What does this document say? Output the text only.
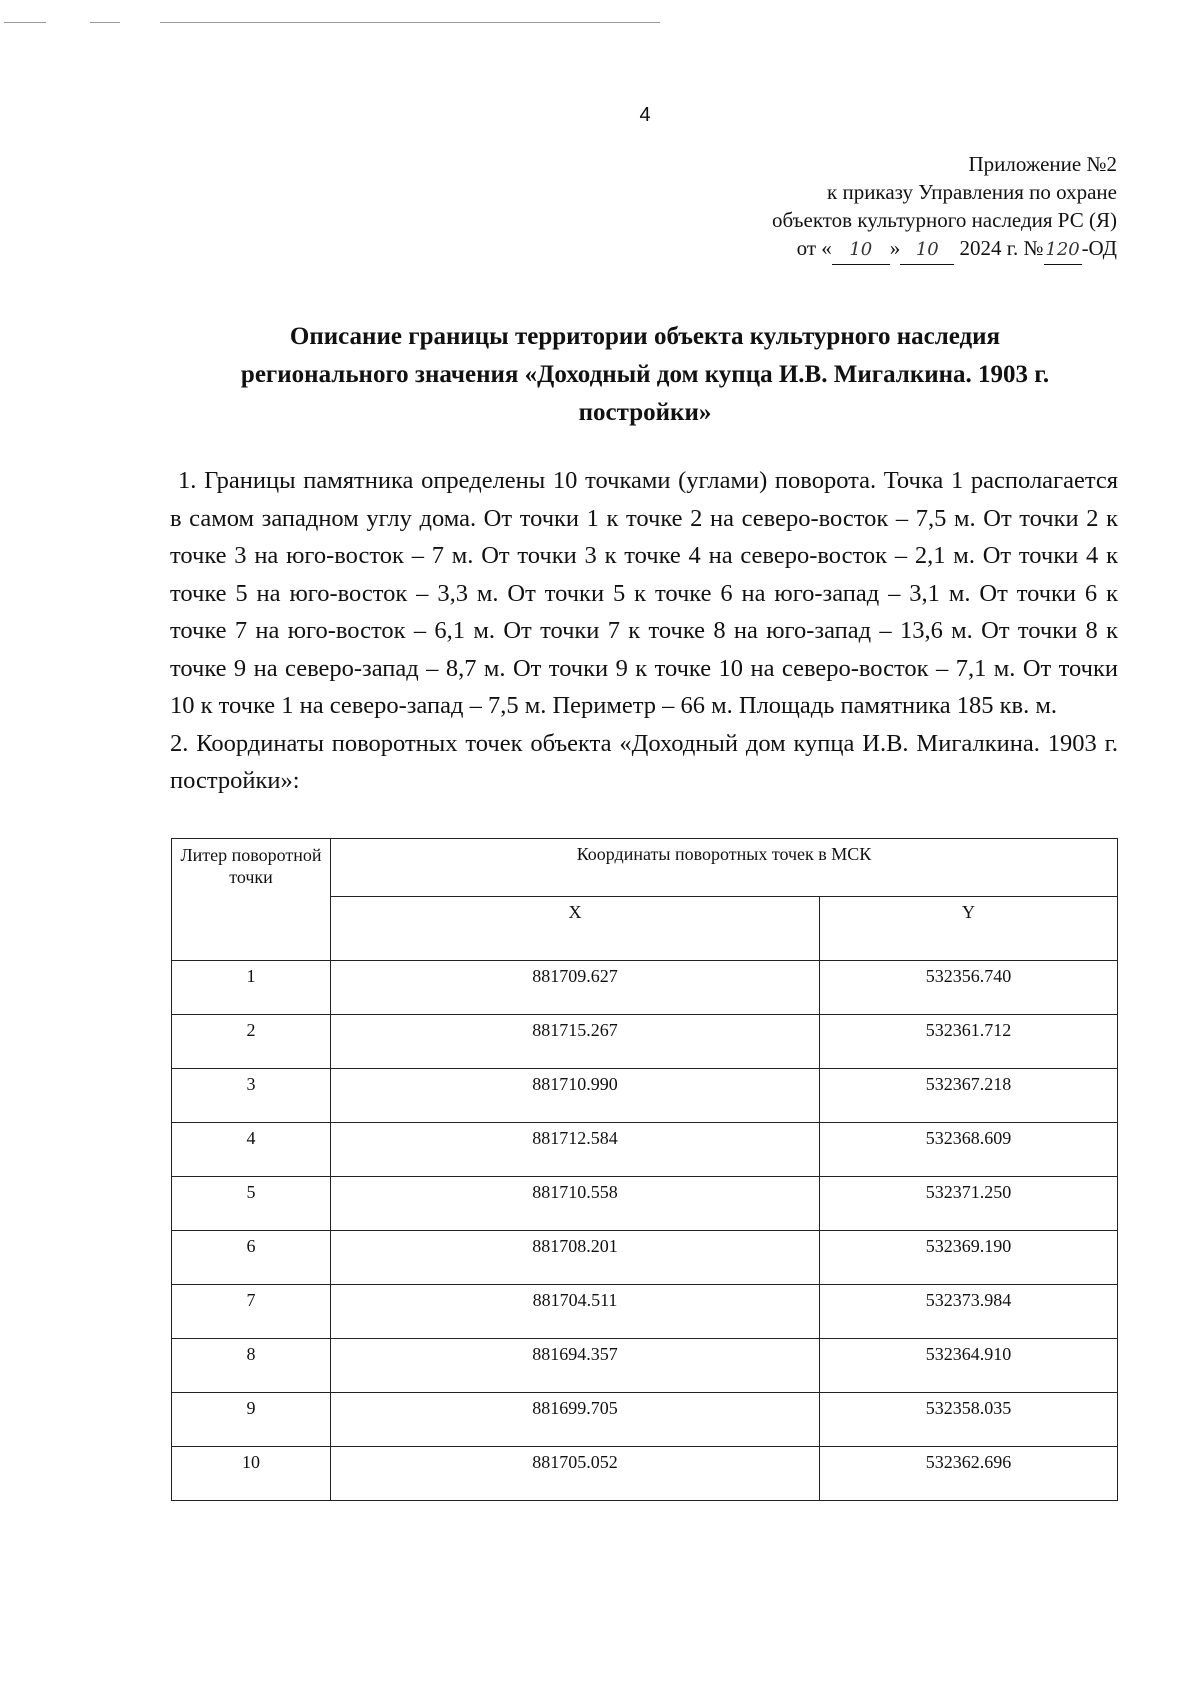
4
Приложение №2
к приказу Управления по охране
объектов культурного наследия РС (Я)
от « 10 » 10 2024 г. № 120-ОД
Описание границы территории объекта культурного наследия
регионального значения «Доходный дом купца И.В. Мигалкина. 1903 г.
постройки»

1. Границы памятника определены 10 точками (углами) поворота. Точка 1 располагается в самом западном углу дома. От точки 1 к точке 2 на северо-восток – 7,5 м. От точки 2 к точке 3 на юго-восток – 7 м. От точки 3 к точке 4 на северо-восток – 2,1 м. От точки 4 к точке 5 на юго-восток – 3,3 м. От точки 5 к точке 6 на юго-запад – 3,1 м. От точки 6 к точке 7 на юго-восток – 6,1 м. От точки 7 к точке 8 на юго-запад – 13,6 м. От точки 8 к точке 9 на северо-запад – 8,7 м. От точки 9 к точке 10 на северо-восток – 7,1 м. От точки 10 к точке 1 на северо-запад – 7,5 м. Периметр – 66 м. Площадь памятника 185 кв. м.

2. Координаты поворотных точек объекта «Доходный дом купца И.В. Мигалкина. 1903 г. постройки»:

Литер поворотной точки	Координаты поворотных точек в МСК	
	X	Y
1	881709.627	532356.740
2	881715.267	532361.712
3	881710.990	532367.218
4	881712.584	532368.609
5	881710.558	532371.250
6	881708.201	532369.190
7	881704.511	532373.984
8	881694.357	532364.910
9	881699.705	532358.035
10	881705.052	532362.696
